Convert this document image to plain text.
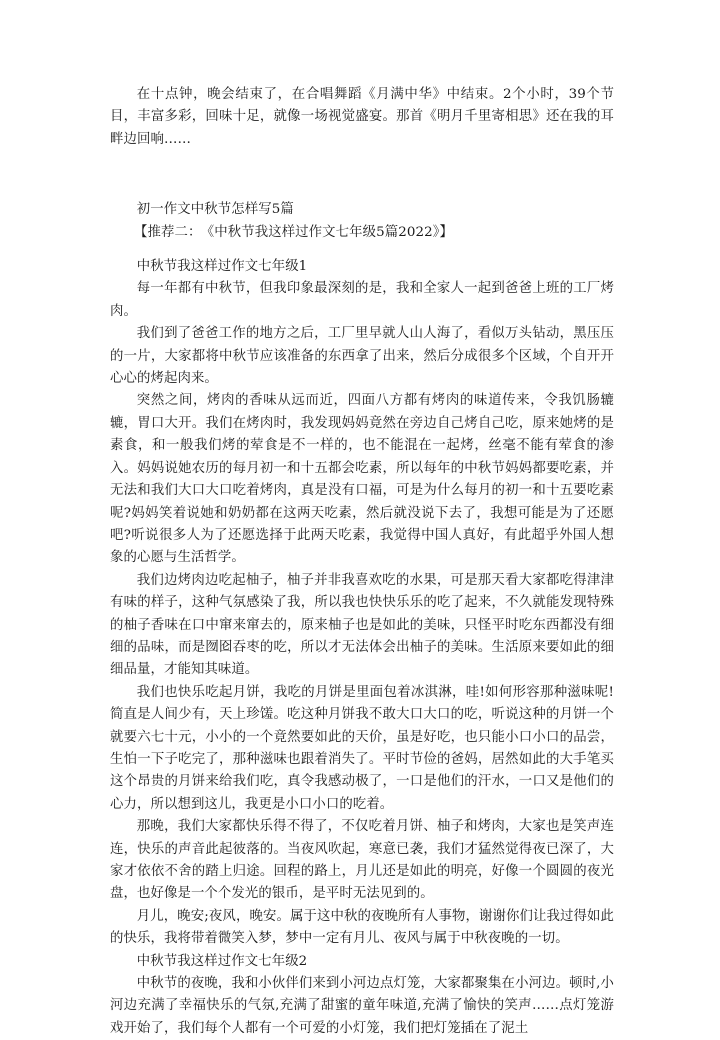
在十点钟，晚会结束了，在合唱舞蹈《月满中华》中结束。2个小时，39个节目，丰富多彩，回味十足，就像一场视觉盛宴。那首《明月千里寄相思》还在我的耳畔边回响……

初一作文中秋节怎样写5篇

【推荐二： 《中秋节我这样过作文七年级5篇2022》】

中秋节我这样过作文七年级1

每一年都有中秋节，但我印象最深刻的是，我和全家人一起到爸爸上班的工厂烤肉。

我们到了爸爸工作的地方之后，工厂里早就人山人海了，看似万头钻动，黑压压的一片，大家都将中秋节应该准备的东西拿了出来，然后分成很多个区域，个自开开心心的烤起肉来。

突然之间，烤肉的香味从远而近，四面八方都有烤肉的味道传来，令我饥肠辘辘，胃口大开。我们在烤肉时，我发现妈妈竟然在旁边自己烤自己吃，原来她烤的是素食，和一般我们烤的荤食是不一样的，也不能混在一起烤，丝毫不能有荤食的渗入。妈妈说她农历的每月初一和十五都会吃素，所以每年的中秋节妈妈都要吃素，并无法和我们大口大口吃着烤肉，真是没有口福，可是为什么每月的初一和十五要吃素呢?妈妈笑着说她和奶奶都在这两天吃素，然后就没说下去了，我想可能是为了还愿吧?听说很多人为了还愿选择于此两天吃素，我觉得中国人真好，有此超乎外国人想象的心愿与生活哲学。

我们边烤肉边吃起柚子，柚子并非我喜欢吃的水果，可是那天看大家都吃得津津有味的样子，这种气氛感染了我，所以我也快快乐乐的吃了起来，不久就能发现特殊的柚子香味在口中窜来窜去的，原来柚子也是如此的美味，只怪平时吃东西都没有细细的品味，而是囫囵吞枣的吃，所以才无法体会出柚子的美味。生活原来要如此的细细品量，才能知其味道。

我们也快乐吃起月饼，我吃的月饼是里面包着冰淇淋，哇!如何形容那种滋味呢!简直是人间少有，天上珍馐。吃这种月饼我不敢大口大口的吃，听说这种的月饼一个就要六七十元，小小的一个竟然要如此的天价，虽是好吃，也只能小口小口的品尝，生怕一下子吃完了，那种滋味也跟着消失了。平时节俭的爸妈，居然如此的大手笔买这个昂贵的月饼来给我们吃，真令我感动极了，一口是他们的汗水，一口又是他们的心力，所以想到这儿，我更是小口小口的吃着。

那晚，我们大家都快乐得不得了，不仅吃着月饼、柚子和烤肉，大家也是笑声连连，快乐的声音此起彼落的。当夜风吹起，寒意已袭，我们才猛然觉得夜已深了，大家才依依不舍的踏上归途。回程的路上，月儿还是如此的明亮，好像一个圆圆的夜光盘，也好像是一个个发光的银币，是平时无法见到的。

月儿，晚安;夜风，晚安。属于这中秋的夜晚所有人事物，谢谢你们让我过得如此的快乐，我将带着微笑入梦，梦中一定有月儿、夜风与属于中秋夜晚的一切。

中秋节我这样过作文七年级2

中秋节的夜晚，我和小伙伴们来到小河边点灯笼，大家都聚集在小河边。顿时,小河边充满了幸福快乐的气氛,充满了甜蜜的童年味道,充满了愉快的笑声……点灯笼游戏开始了，我们每个人都有一个可爱的小灯笼，我们把灯笼插在了泥土
